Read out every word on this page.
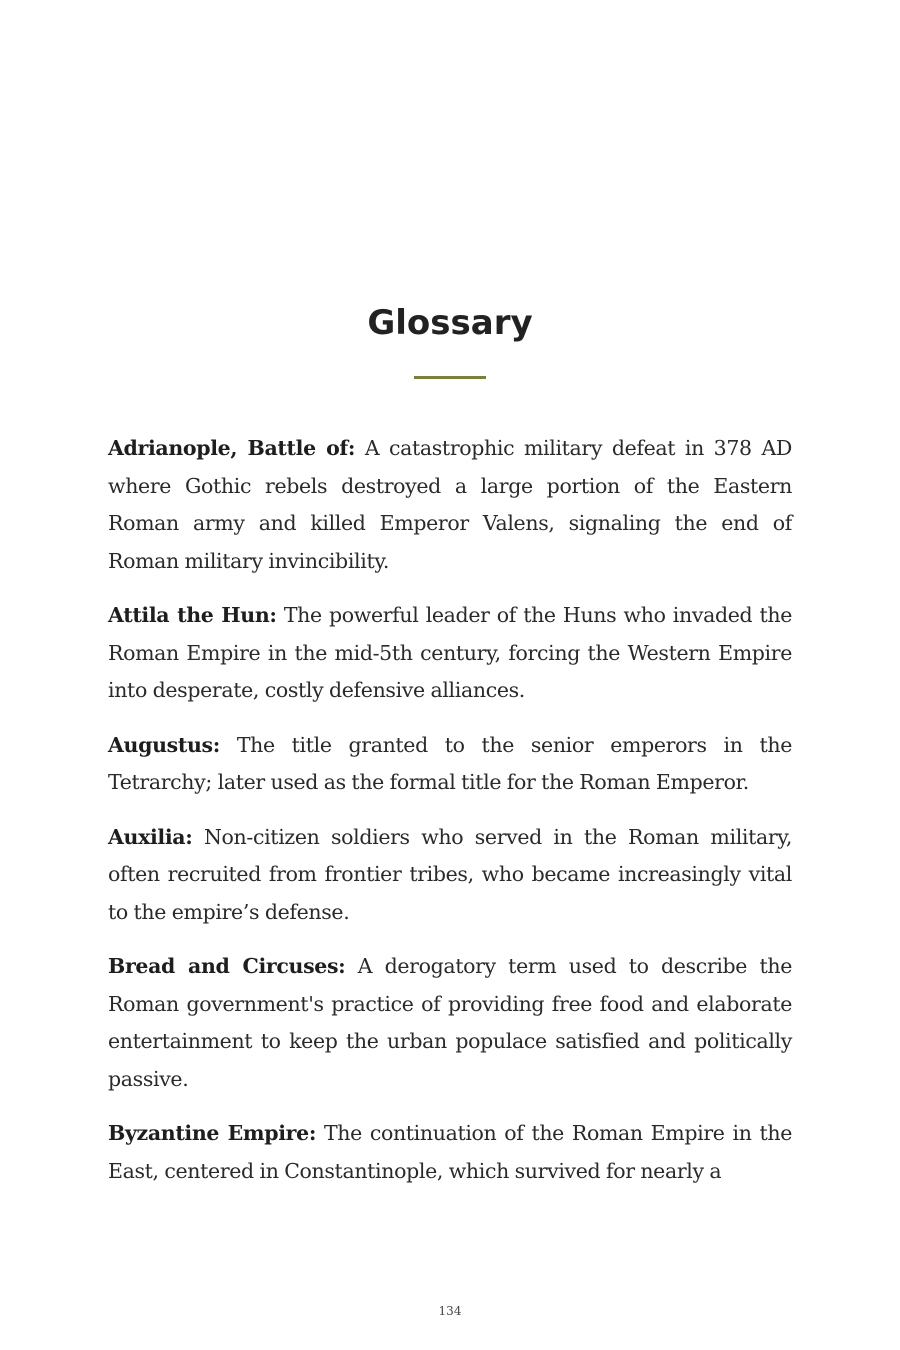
Glossary

Adrianople, Battle of: A catastrophic military defeat in 378 AD where Gothic rebels destroyed a large portion of the Eastern Roman army and killed Emperor Valens, signaling the end of Roman military invincibility.

Attila the Hun: The powerful leader of the Huns who invaded the Roman Empire in the mid-5th century, forcing the Western Empire into desperate, costly defensive alliances.

Augustus: The title granted to the senior emperors in the Tetrarchy; later used as the formal title for the Roman Emperor.

Auxilia: Non-citizen soldiers who served in the Roman military, often recruited from frontier tribes, who became increasingly vital to the empire’s defense.

Bread and Circuses: A derogatory term used to describe the Roman government's practice of providing free food and elaborate entertainment to keep the urban populace satisfied and politically passive.

Byzantine Empire: The continuation of the Roman Empire in the East, centered in Constantinople, which survived for nearly a

134
